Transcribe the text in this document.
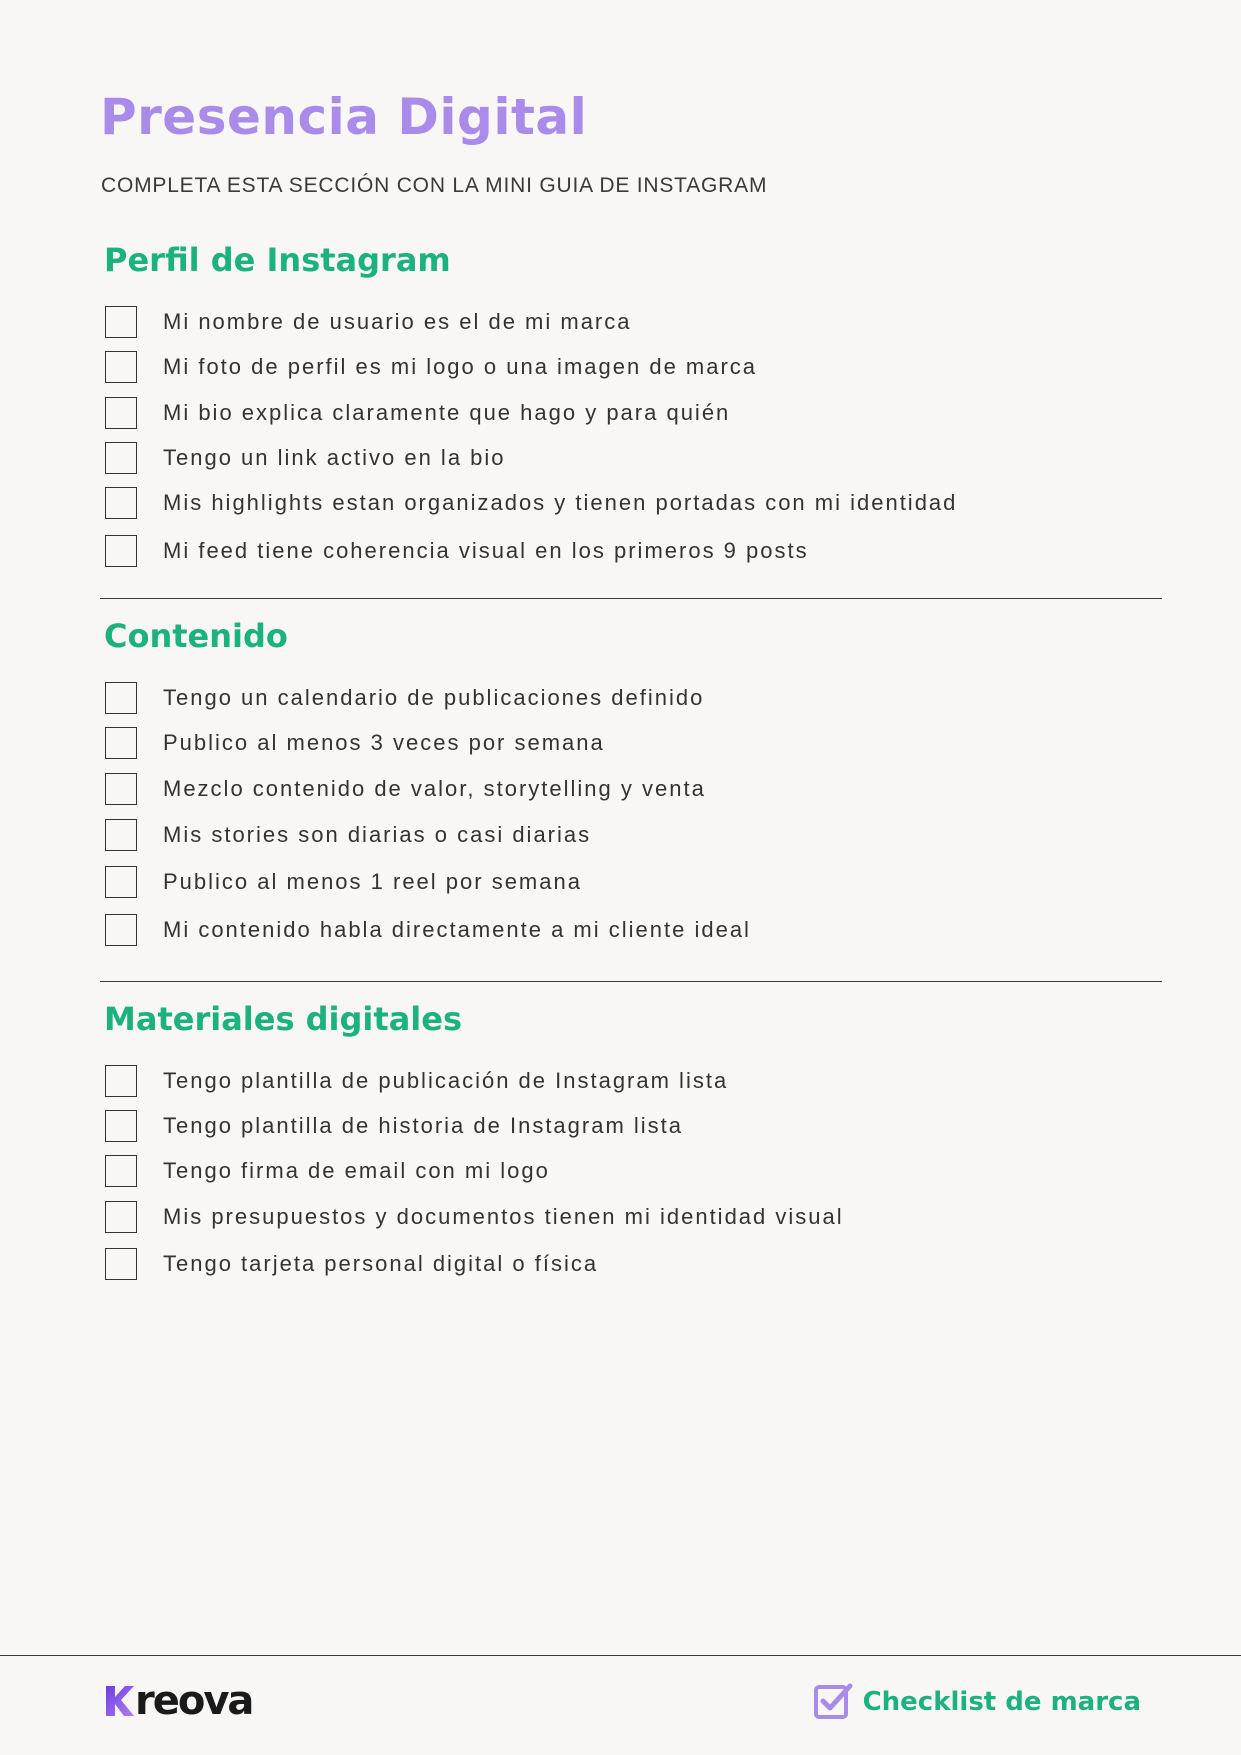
Presencia Digital
COMPLETA ESTA SECCIÓN CON LA MINI GUIA DE INSTAGRAM
Perfil de Instagram
Mi nombre de usuario es el de mi marca
Mi foto de perfil es mi logo o una imagen de marca
Mi bio explica claramente que hago y para quién
Tengo un link activo en la bio
Mis highlights estan organizados y tienen portadas con mi identidad
Mi feed tiene coherencia visual en los primeros 9 posts
Contenido
Tengo un calendario de publicaciones definido
Publico al menos 3 veces por semana
Mezclo contenido de valor, storytelling y venta
Mis stories son diarias o casi diarias
Publico al menos 1 reel por semana
Mi contenido habla directamente a mi cliente ideal
Materiales digitales
Tengo plantilla de publicación de Instagram lista
Tengo plantilla de historia de Instagram lista
Tengo firma de email con mi logo
Mis presupuestos y documentos tienen mi identidad visual
Tengo tarjeta personal digital o física
reova	Checklist de marca
